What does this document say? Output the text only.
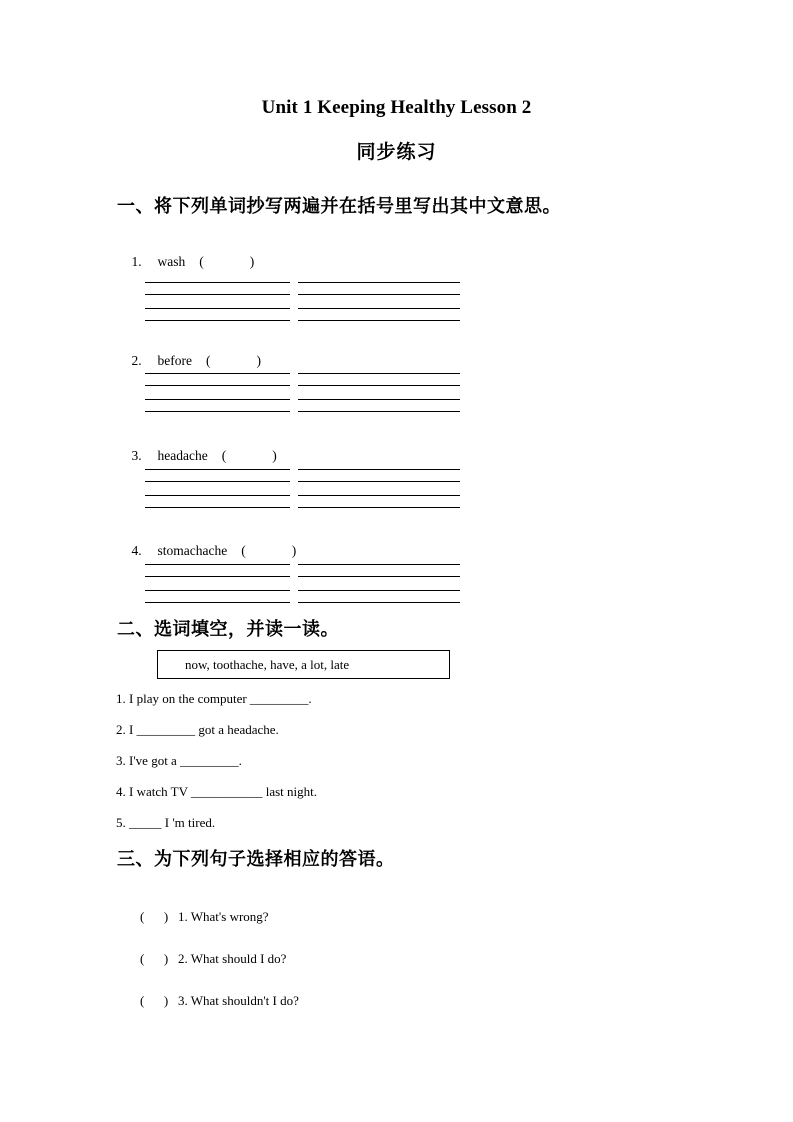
Unit 1 Keeping Healthy Lesson 2
同步练习
一、将下列单词抄写两遍并在括号里写出其中文意思。

1. wash (	)

2. before (	)

3. headache (	)

4. stomachache (	)

二、选词填空，并读一读。
now, toothache, have, a lot, late
1. I play on the computer _________.
2. I _________ got a headache.
3. I've got a _________.
4. I watch TV ___________ last night.
5. _____ I 'm tired.
三、为下列句子选择相应的答语。

(      ) 1. What's wrong?

(      ) 2. What should I do?

(      ) 3. What shouldn't I do?
